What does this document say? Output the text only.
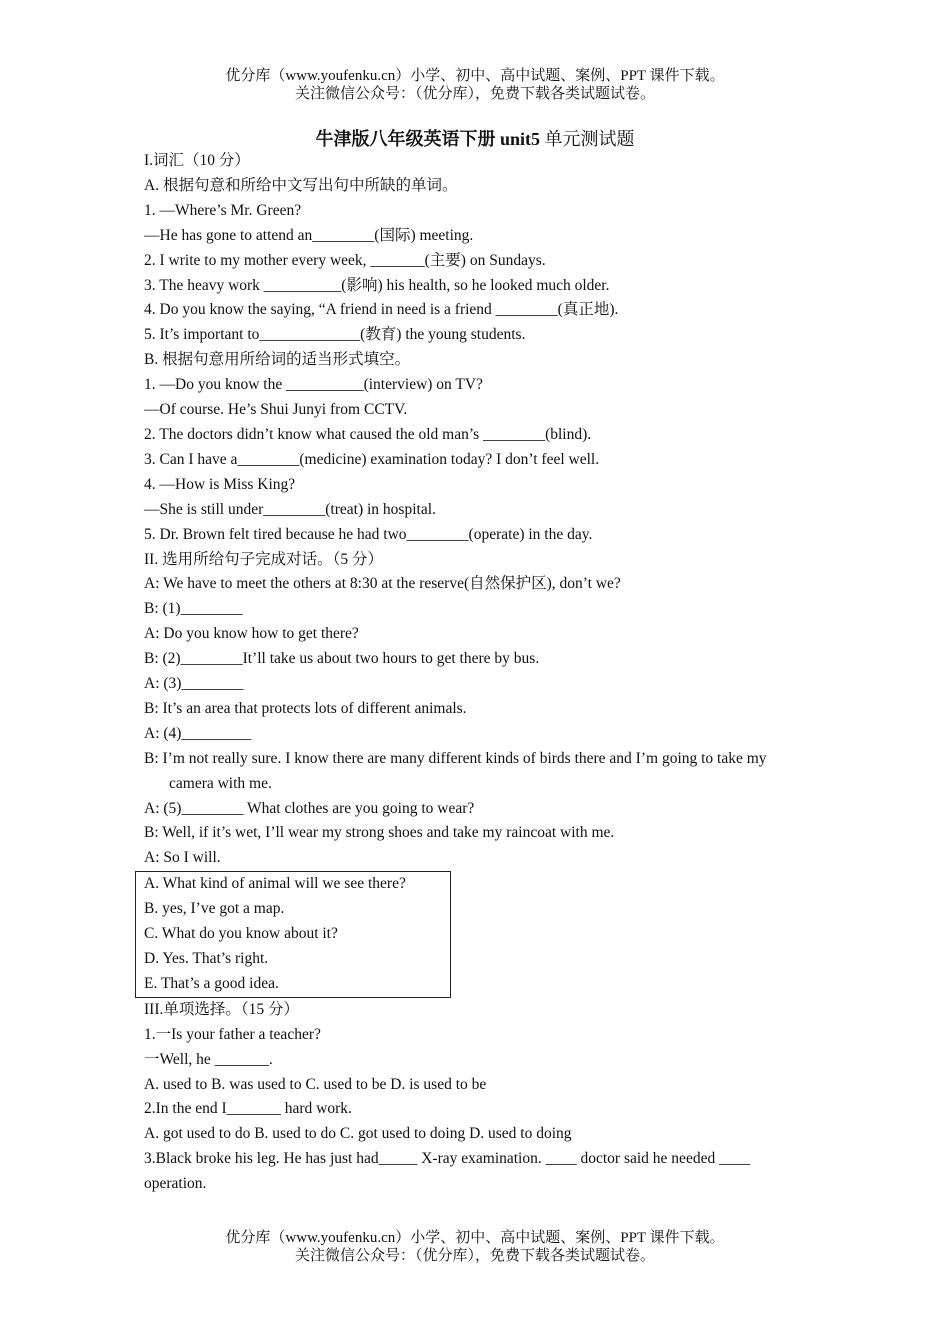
优分库（www.youfenku.cn）小学、初中、高中试题、案例、PPT 课件下载。
关注微信公众号：（优分库），免费下载各类试题试卷。
牛津版八年级英语下册 unit5 单元测试题
I.词汇（10 分）
A. 根据句意和所给中文写出句中所缺的单词。
1. —Where’s Mr. Green?
—He has gone to attend an________(国际) meeting.
2. I write to my mother every week, _______(主要) on Sundays.
3. The heavy work __________(影响) his health, so he looked much older.
4. Do you know the saying, “A friend in need is a friend ________(真正地).
5. It’s important to_____________(教育) the young students.
B. 根据句意用所给词的适当形式填空。
1. —Do you know the __________(interview) on TV?
—Of course. He’s Shui Junyi from CCTV.
2. The doctors didn’t know what caused the old man’s ________(blind).
3. Can I have a________(medicine) examination today? I don’t feel well.
4. —How is Miss King?
—She is still under________(treat) in hospital.
5. Dr. Brown felt tired because he had two________(operate) in the day.
II. 选用所给句子完成对话。（5 分）
A: We have to meet the others at 8:30 at the reserve(自然保护区), don’t we?
B: (1)________
A: Do you know how to get there?
B: (2)________It’ll take us about two hours to get there by bus.
A: (3)________
B: It’s an area that protects lots of different animals.
A: (4)_________
B: I’m not really sure. I know there are many different kinds of birds there and I’m going to take my camera with me.
A: (5)________ What clothes are you going to wear?
B: Well, if it’s wet, I’ll wear my strong shoes and take my raincoat with me.
A: So I will.
A. What kind of animal will we see there?
B. yes, I’ve got a map.
C. What do you know about it?
D. Yes. That’s right.
E. That’s a good idea.
III.单项选择。（15 分）
1.一Is your father a teacher?
一Well, he _______.
A. used to B. was used to C. used to be D. is used to be
2.In the end I_______ hard work.
A. got used to do B. used to do C. got used to doing D. used to doing
3.Black broke his leg. He has just had_____ X-ray examination. ____ doctor said he needed ____
operation.
优分库（www.youfenku.cn）小学、初中、高中试题、案例、PPT 课件下载。
关注微信公众号：（优分库），免费下载各类试题试卷。
